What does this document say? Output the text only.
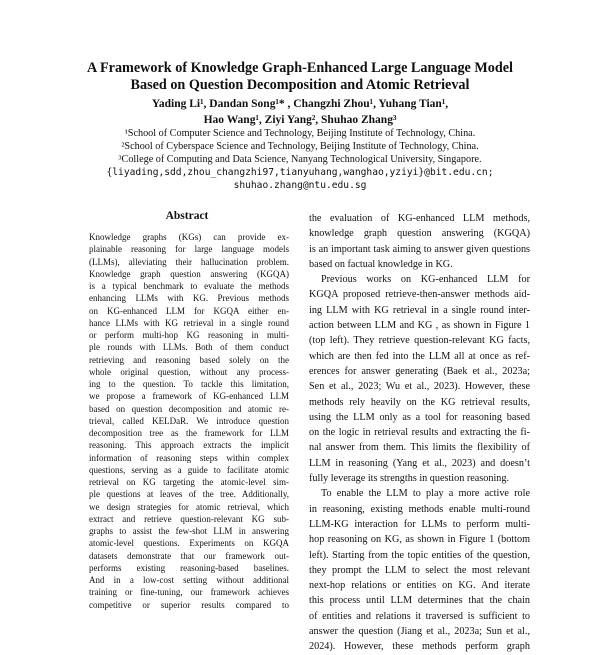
A Framework of Knowledge Graph-Enhanced Large Language Model
Based on Question Decomposition and Atomic Retrieval
Yading Li¹, Dandan Song¹* , Changzhi Zhou¹, Yuhang Tian¹,
Hao Wang¹, Ziyi Yang², Shuhao Zhang³
¹School of Computer Science and Technology, Beijing Institute of Technology, China.
²School of Cyberspace Science and Technology, Beijing Institute of Technology, China.
³College of Computing and Data Science, Nanyang Technological University, Singapore.
{liyading,sdd,zhou_changzhi97,tianyuhang,wanghao,yziyi}@bit.edu.cn;
shuhao.zhang@ntu.edu.sg
Abstract
Knowledge graphs (KGs) can provide ex-
plainable reasoning for large language models
(LLMs), alleviating their hallucination problem.
Knowledge graph question answering (KGQA)
is a typical benchmark to evaluate the methods
enhancing LLMs with KG. Previous methods
on KG-enhanced LLM for KGQA either en-
hance LLMs with KG retrieval in a single round
or perform multi-hop KG reasoning in multi-
ple rounds with LLMs. Both of them conduct
retrieving and reasoning based solely on the
whole original question, without any process-
ing to the question. To tackle this limitation,
we propose a framework of KG-enhanced LLM
based on question decomposition and atomic re-
trieval, called KELDaR. We introduce question
decomposition tree as the framework for LLM
reasoning. This approach extracts the implicit
information of reasoning steps within complex
questions, serving as a guide to facilitate atomic
retrieval on KG targeting the atomic-level sim-
ple questions at leaves of the tree. Additionally,
we design strategies for atomic retrieval, which
extract and retrieve question-relevant KG sub-
graphs to assist the few-shot LLM in answering
atomic-level questions. Experiments on KGQA
datasets demonstrate that our framework out-
performs existing reasoning-based baselines.
And in a low-cost setting without additional
training or fine-tuning, our framework achieves
competitive or superior results compared to
the evaluation of KG-enhanced LLM methods,
knowledge graph question answering (KGQA)
is an important task aiming to answer given questions
based on factual knowledge in KG.
Previous works on KG-enhanced LLM for
KGQA proposed retrieve-then-answer methods aid-
ing LLM with KG retrieval in a single round inter-
action between LLM and KG , as shown in Figure 1
(top left). They retrieve question-relevant KG facts,
which are then fed into the LLM all at once as ref-
erences for answer generating (Baek et al., 2023a;
Sen et al., 2023; Wu et al., 2023). However, these
methods rely heavily on the KG retrieval results,
using the LLM only as a tool for reasoning based
on the logic in retrieval results and extracting the fi-
nal answer from them. This limits the flexibility of
LLM in reasoning (Yang et al., 2023) and doesn’t
fully leverage its strengths in question reasoning.
To enable the LLM to play a more active role
in reasoning, existing methods enable multi-round
LLM-KG interaction for LLMs to perform multi-
hop reasoning on KG, as shown in Figure 1 (bottom
left). Starting from the topic entities of the question,
they prompt the LLM to select the most relevant
next-hop relations or entities on KG. And iterate
this process until LLM determines that the chain
of entities and relations it traversed is sufficient to
answer the question (Jiang et al., 2023a; Sun et al.,
2024). However, these methods perform graph
